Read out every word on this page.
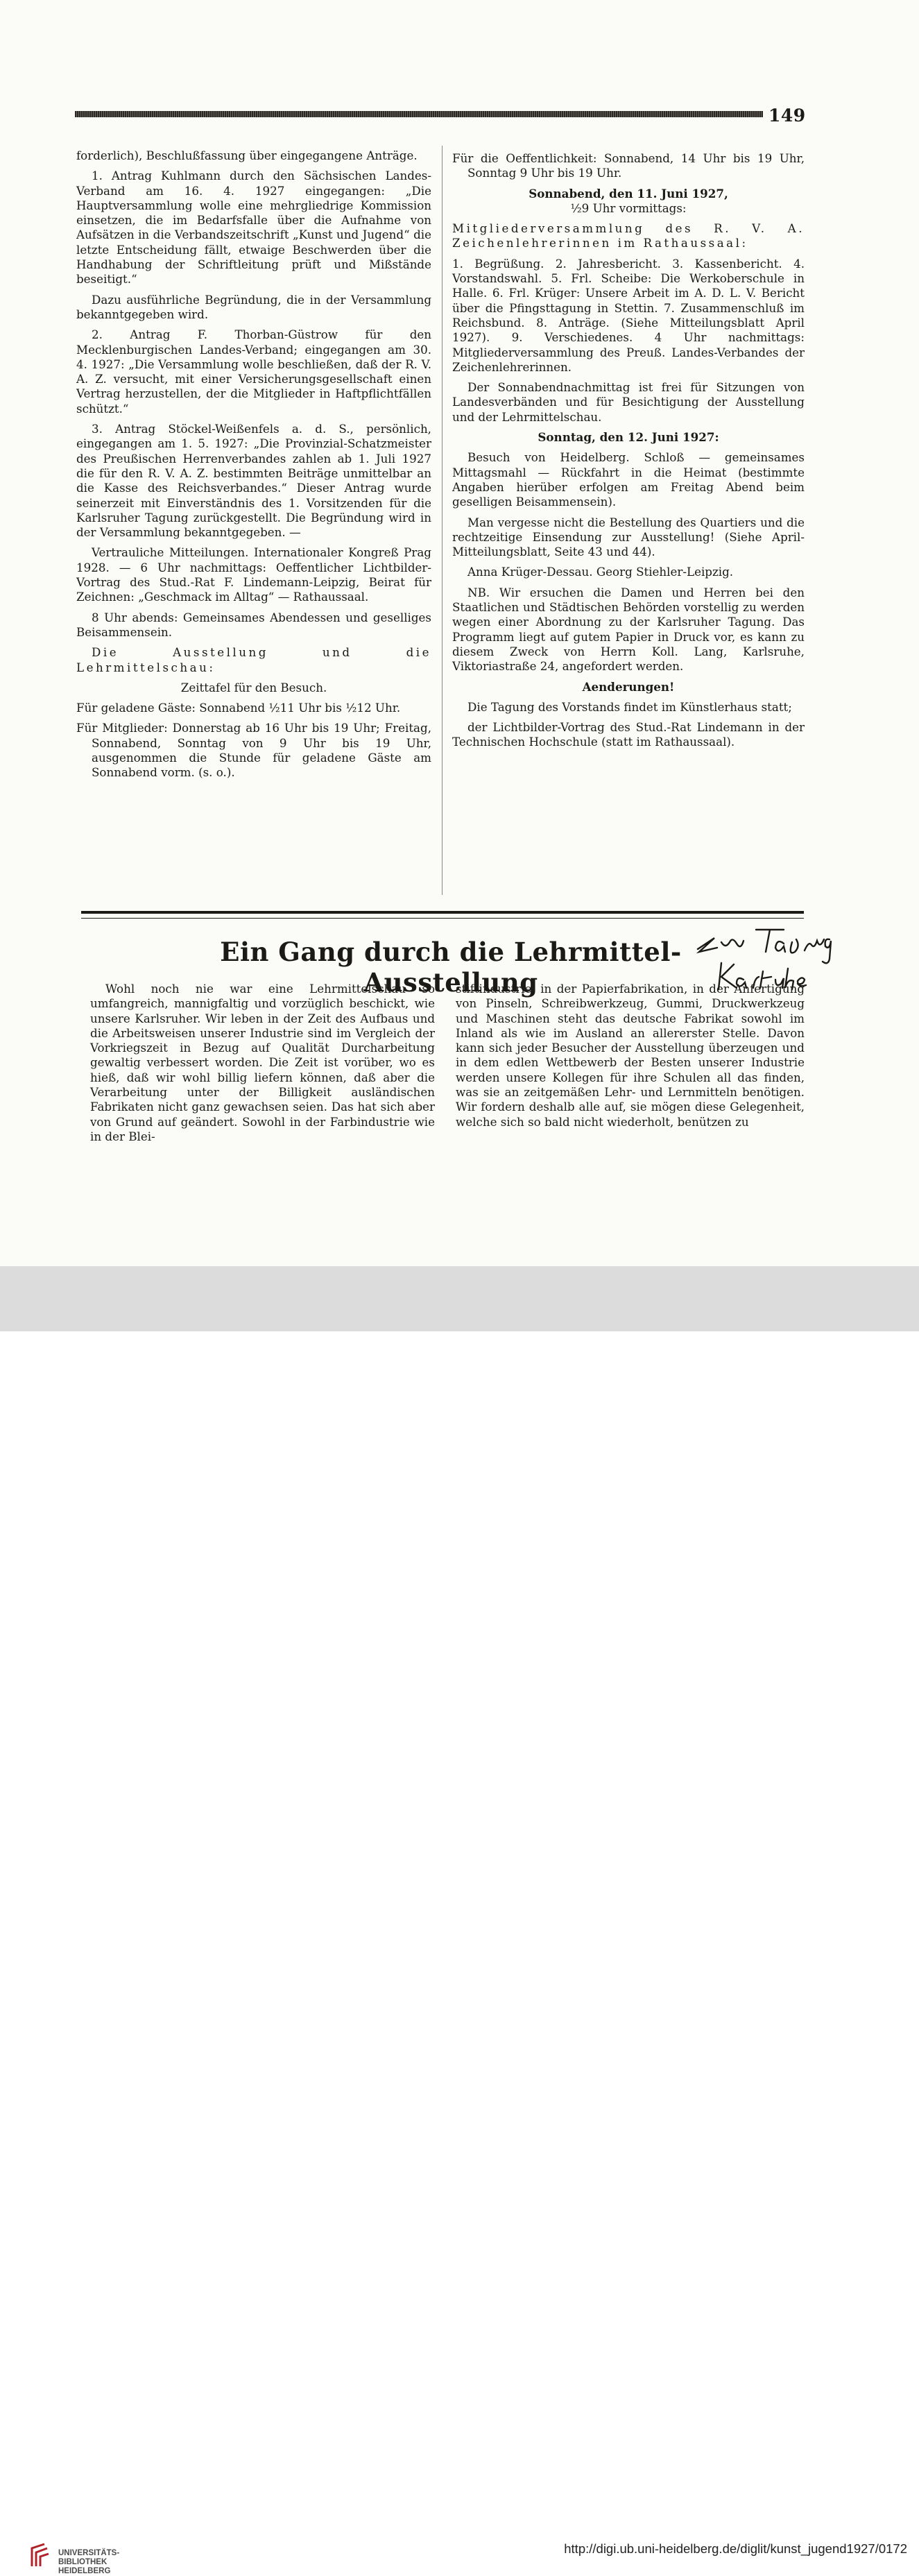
149

forderlich), Beschlußfassung über eingegangene Anträge.

1. Antrag Kuhlmann durch den Sächsischen Landes-Verband am 16. 4. 1927 eingegangen: „Die Hauptversammlung wolle eine mehrgliedrige Kommission einsetzen, die im Bedarfsfalle über die Aufnahme von Aufsätzen in die Verbandszeitschrift „Kunst und Jugend“ die letzte Entscheidung fällt, etwaige Beschwerden über die Handhabung der Schriftleitung prüft und Mißstände beseitigt.“

Dazu ausführliche Begründung, die in der Versammlung bekanntgegeben wird.

2. Antrag F. Thorban-Güstrow für den Mecklenburgischen Landes-Verband; eingegangen am 30. 4. 1927: „Die Versammlung wolle beschließen, daß der R. V. A. Z. versucht, mit einer Versicherungsgesellschaft einen Vertrag herzustellen, der die Mitglieder in Haftpflichtfällen schützt.“

3. Antrag Stöckel-Weißenfels a. d. S., persönlich, eingegangen am 1. 5. 1927: „Die Provinzial-Schatzmeister des Preußischen Herrenverbandes zahlen ab 1. Juli 1927 die für den R. V. A. Z. bestimmten Beiträge unmittelbar an die Kasse des Reichsverbandes.“ Dieser Antrag wurde seinerzeit mit Einverständnis des 1. Vorsitzenden für die Karlsruher Tagung zurückgestellt. Die Begründung wird in der Versammlung bekanntgegeben. —

Vertrauliche Mitteilungen. Internationaler Kongreß Prag 1928. — 6 Uhr nachmittags: Oeffentlicher Lichtbilder-Vortrag des Stud.-Rat F. Lindemann-Leipzig, Beirat für Zeichnen: „Geschmack im Alltag“ — Rathaussaal.

8 Uhr abends: Gemeinsames Abendessen und geselliges Beisammensein.

Die Ausstellung und die Lehrmittelschau:

Zeittafel für den Besuch.

Für geladene Gäste: Sonnabend ½11 Uhr bis ½12 Uhr.

Für Mitglieder: Donnerstag ab 16 Uhr bis 19 Uhr; Freitag, Sonnabend, Sonntag von 9 Uhr bis 19 Uhr, ausgenommen die Stunde für geladene Gäste am Sonnabend vorm. (s. o.).

Für die Oeffentlichkeit: Sonnabend, 14 Uhr bis 19 Uhr, Sonntag 9 Uhr bis 19 Uhr.

Sonnabend, den 11. Juni 1927,

½9 Uhr vormittags:

Mitgliederversammlung des R. V. A. Zeichenlehrerinnen im Rathaussaal:

1. Begrüßung. 2. Jahresbericht. 3. Kassenbericht. 4. Vorstandswahl. 5. Frl. Scheibe: Die Werkoberschule in Halle. 6. Frl. Krüger: Unsere Arbeit im A. D. L. V. Bericht über die Pfingsttagung in Stettin. 7. Zusammenschluß im Reichsbund. 8. Anträge. (Siehe Mitteilungsblatt April 1927). 9. Verschiedenes. 4 Uhr nachmittags: Mitgliederversammlung des Preuß. Landes-Verbandes der Zeichenlehrerinnen.

Der Sonnabendnachmittag ist frei für Sitzungen von Landesverbänden und für Besichtigung der Ausstellung und der Lehrmittelschau.

Sonntag, den 12. Juni 1927:

Besuch von Heidelberg. Schloß — gemeinsames Mittagsmahl — Rückfahrt in die Heimat (bestimmte Angaben hierüber erfolgen am Freitag Abend beim geselligen Beisammensein).

Man vergesse nicht die Bestellung des Quartiers und die rechtzeitige Einsendung zur Ausstellung! (Siehe April-Mitteilungsblatt, Seite 43 und 44).

Anna Krüger-Dessau. Georg Stiehler-Leipzig.

NB. Wir ersuchen die Damen und Herren bei den Staatlichen und Städtischen Behörden vorstellig zu werden wegen einer Abordnung zu der Karlsruher Tagung. Das Programm liegt auf gutem Papier in Druck vor, es kann zu diesem Zweck von Herrn Koll. Lang, Karlsruhe, Viktoriastraße 24, angefordert werden.

Aenderungen!

Die Tagung des Vorstands findet im Künstlerhaus statt;

der Lichtbilder-Vortrag des Stud.-Rat Lindemann in der Technischen Hochschule (statt im Rathaussaal).

Ein Gang durch die Lehrmittel-Ausstellung

Wohl noch nie war eine Lehrmittelschau so umfangreich, mannigfaltig und vorzüglich beschickt, wie unsere Karlsruher. Wir leben in der Zeit des Aufbaus und die Arbeitsweisen unserer Industrie sind im Vergleich der Vorkriegszeit in Bezug auf Qualität Durcharbeitung gewaltig verbessert worden. Die Zeit ist vorüber, wo es hieß, daß wir wohl billig liefern können, daß aber die Verarbeitung unter der Billigkeit ausländischen Fabrikaten nicht ganz gewachsen seien. Das hat sich aber von Grund auf geändert. Sowohl in der Farbindustrie wie in der Blei-

stiftindustrie, in der Papierfabrikation, in der Anfertigung von Pinseln, Schreibwerkzeug, Gummi, Druckwerkzeug und Maschinen steht das deutsche Fabrikat sowohl im Inland als wie im Ausland an allererster Stelle. Davon kann sich jeder Besucher der Ausstellung überzeugen und in dem edlen Wettbewerb der Besten unserer Industrie werden unsere Kollegen für ihre Schulen all das finden, was sie an zeitgemäßen Lehr- und Lernmitteln benötigen. Wir fordern deshalb alle auf, sie mögen diese Gelegenheit, welche sich so bald nicht wiederholt, benützen zu

UNIVERSITÄTS-
BIBLIOTHEK
HEIDELBERG
http://digi.ub.uni-heidelberg.de/diglit/kunst_jugend1927/0172
